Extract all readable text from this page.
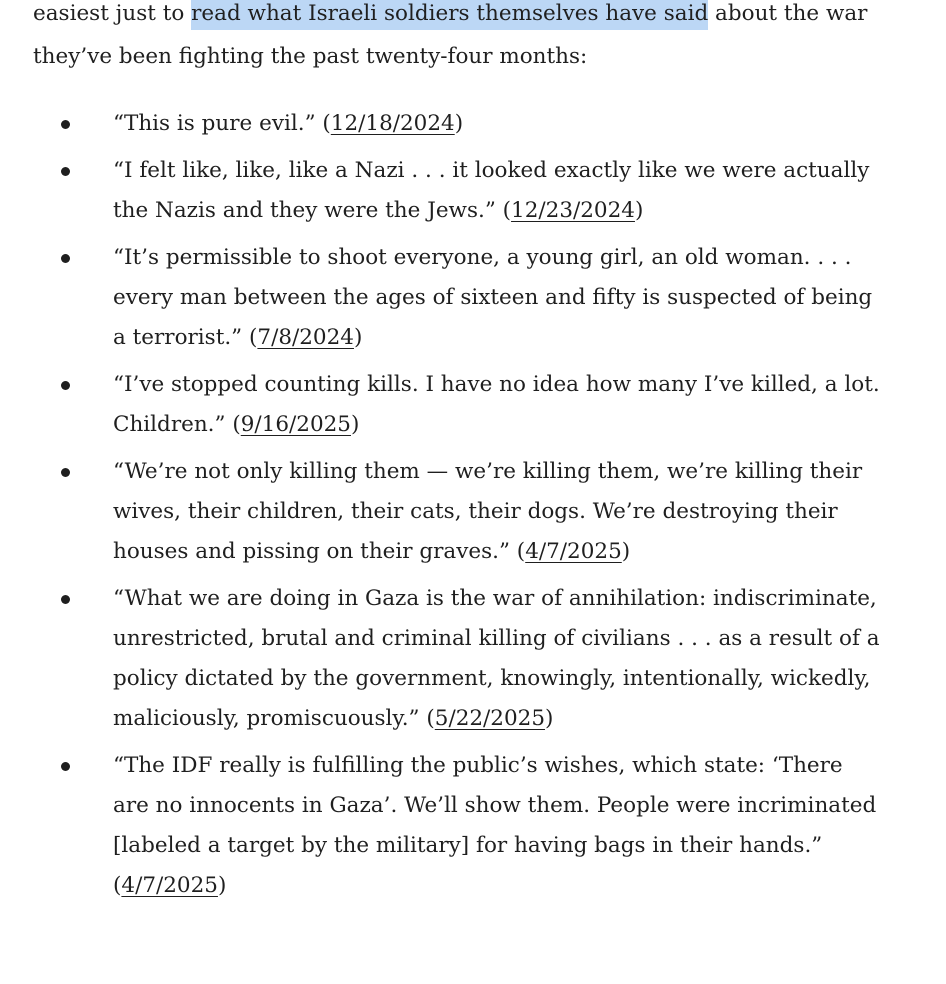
easiest just to read what Israeli soldiers themselves have said about the war they’ve been fighting the past twenty-four months:

“This is pure evil.” (12/18/2024)
“I felt like, like, like a Nazi . . . it looked exactly like we were actually the Nazis and they were the Jews.” (12/23/2024)
“It’s permissible to shoot everyone, a young girl, an old woman. . . . every man between the ages of sixteen and fifty is suspected of being a terrorist.” (7/8/2024)
“I’ve stopped counting kills. I have no idea how many I’ve killed, a lot. Children.” (9/16/2025)
“We’re not only killing them — we’re killing them, we’re killing their wives, their children, their cats, their dogs. We’re destroying their houses and pissing on their graves.” (4/7/2025)
“What we are doing in Gaza is the war of annihilation: indiscriminate, unrestricted, brutal and criminal killing of civilians . . . as a result of a policy dictated by the government, knowingly, intentionally, wickedly, maliciously, promiscuously.” (5/22/2025)
“The IDF really is fulfilling the public’s wishes, which state: ‘There are no innocents in Gaza’. We’ll show them. People were incriminated [labeled a target by the military] for having bags in their hands.” (4/7/2025)
